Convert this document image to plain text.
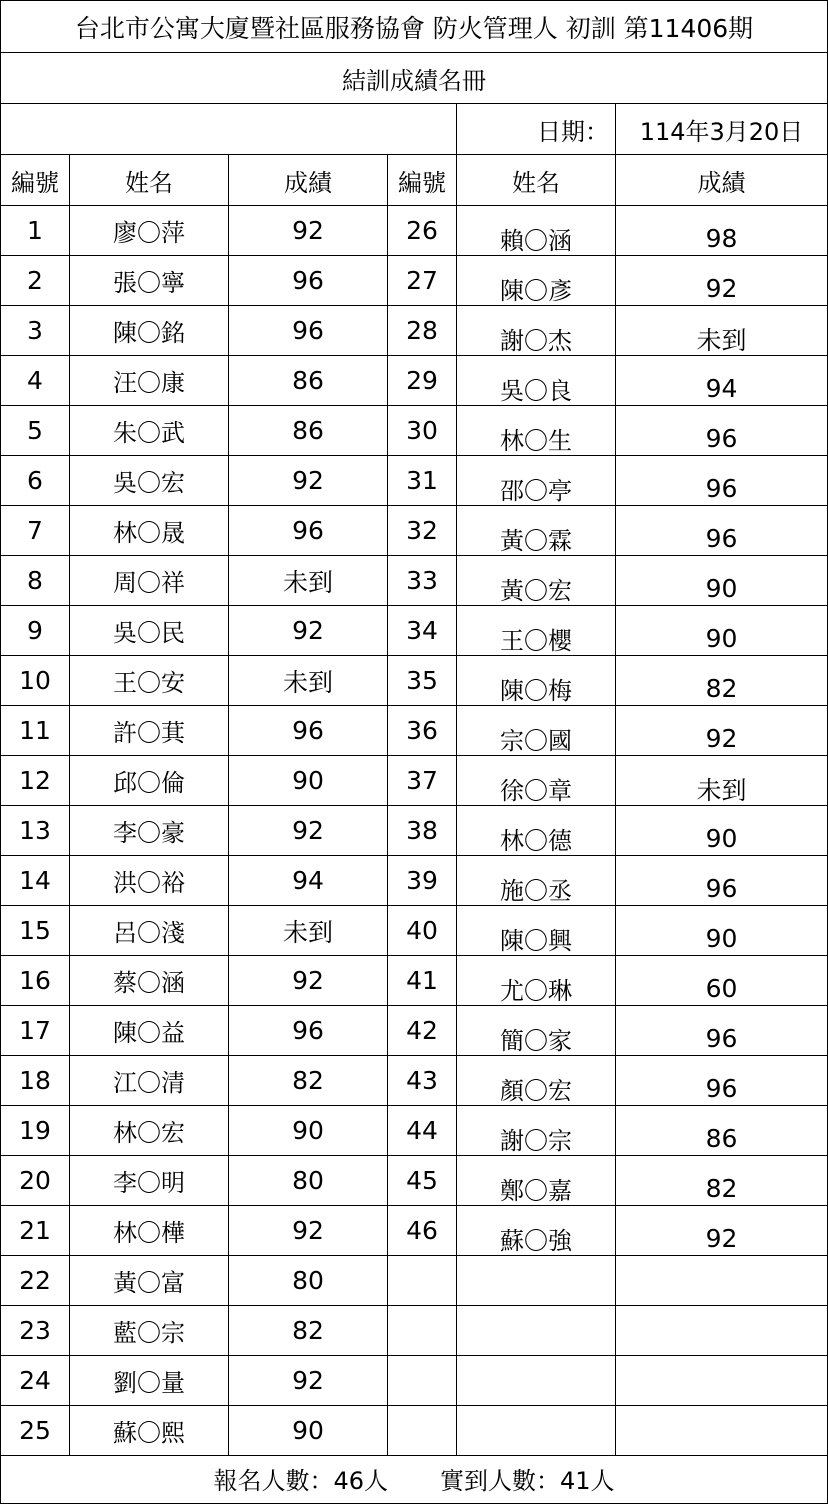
台北市公寓大廈暨社區服務協會 防火管理人 初訓 第11406期
結訓成績名冊
日期：	114年3月20日
編號	姓名	成績	編號	姓名	成績
1	廖〇萍	92	26	賴〇涵	98
2	張〇寧	96	27	陳〇彥	92
3	陳〇銘	96	28	謝〇杰	未到
4	汪〇康	86	29	吳〇良	94
5	朱〇武	86	30	林〇生	96
6	吳〇宏	92	31	邵〇亭	96
7	林〇晟	96	32	黃〇霖	96
8	周〇祥	未到	33	黃〇宏	90
9	吳〇民	92	34	王〇櫻	90
10	王〇安	未到	35	陳〇梅	82
11	許〇萁	96	36	宗〇國	92
12	邱〇倫	90	37	徐〇章	未到
13	李〇豪	92	38	林〇德	90
14	洪〇裕	94	39	施〇丞	96
15	呂〇淺	未到	40	陳〇興	90
16	蔡〇涵	92	41	尤〇琳	60
17	陳〇益	96	42	簡〇家	96
18	江〇清	82	43	顏〇宏	96
19	林〇宏	90	44	謝〇宗	86
20	李〇明	80	45	鄭〇嘉	82
21	林〇樺	92	46	蘇〇強	92
22	黃〇富	80
23	藍〇宗	82
24	劉〇量	92
25	蘇〇熙	90
報名人數：46人 實到人數：41人
